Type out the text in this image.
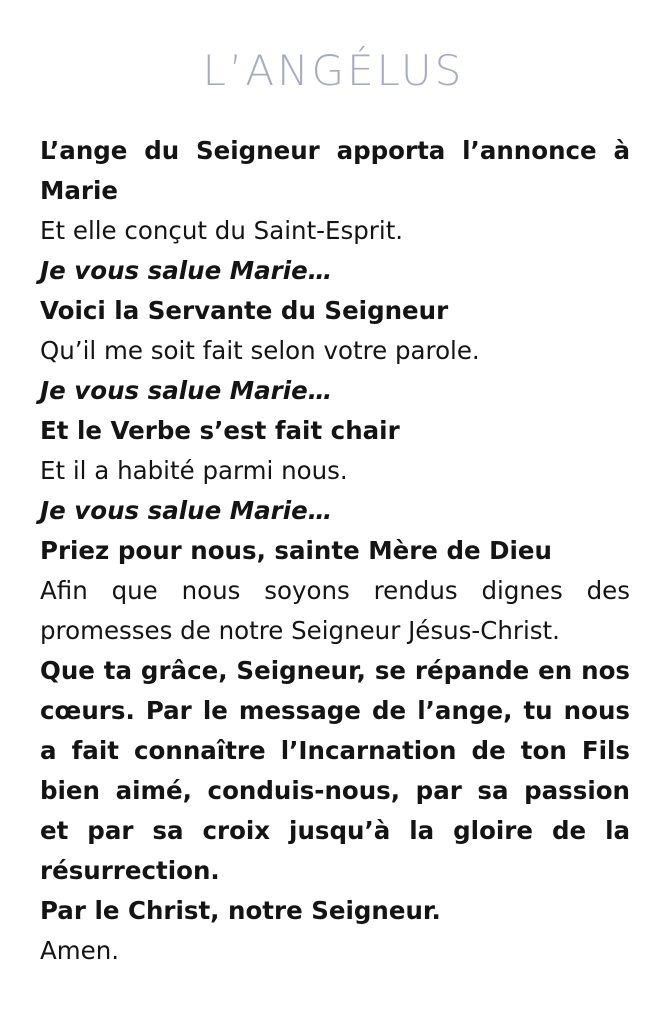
L’ANGÉLUS
L’ange du Seigneur apporta l’annonce à Marie
Et elle conçut du Saint-Esprit.
Je vous salue Marie…
Voici la Servante du Seigneur
Qu’il me soit fait selon votre parole.
Je vous salue Marie…
Et le Verbe s’est fait chair
Et il a habité parmi nous.
Je vous salue Marie…
Priez pour nous, sainte Mère de Dieu
Afin que nous soyons rendus dignes des promesses de notre Seigneur Jésus-Christ.
Que ta grâce, Seigneur, se répande en nos cœurs. Par le message de l’ange, tu nous a fait connaître l’Incarnation de ton Fils bien aimé, conduis-nous, par sa passion et par sa croix jusqu’à la gloire de la résurrection.
Par le Christ, notre Seigneur.
Amen.
